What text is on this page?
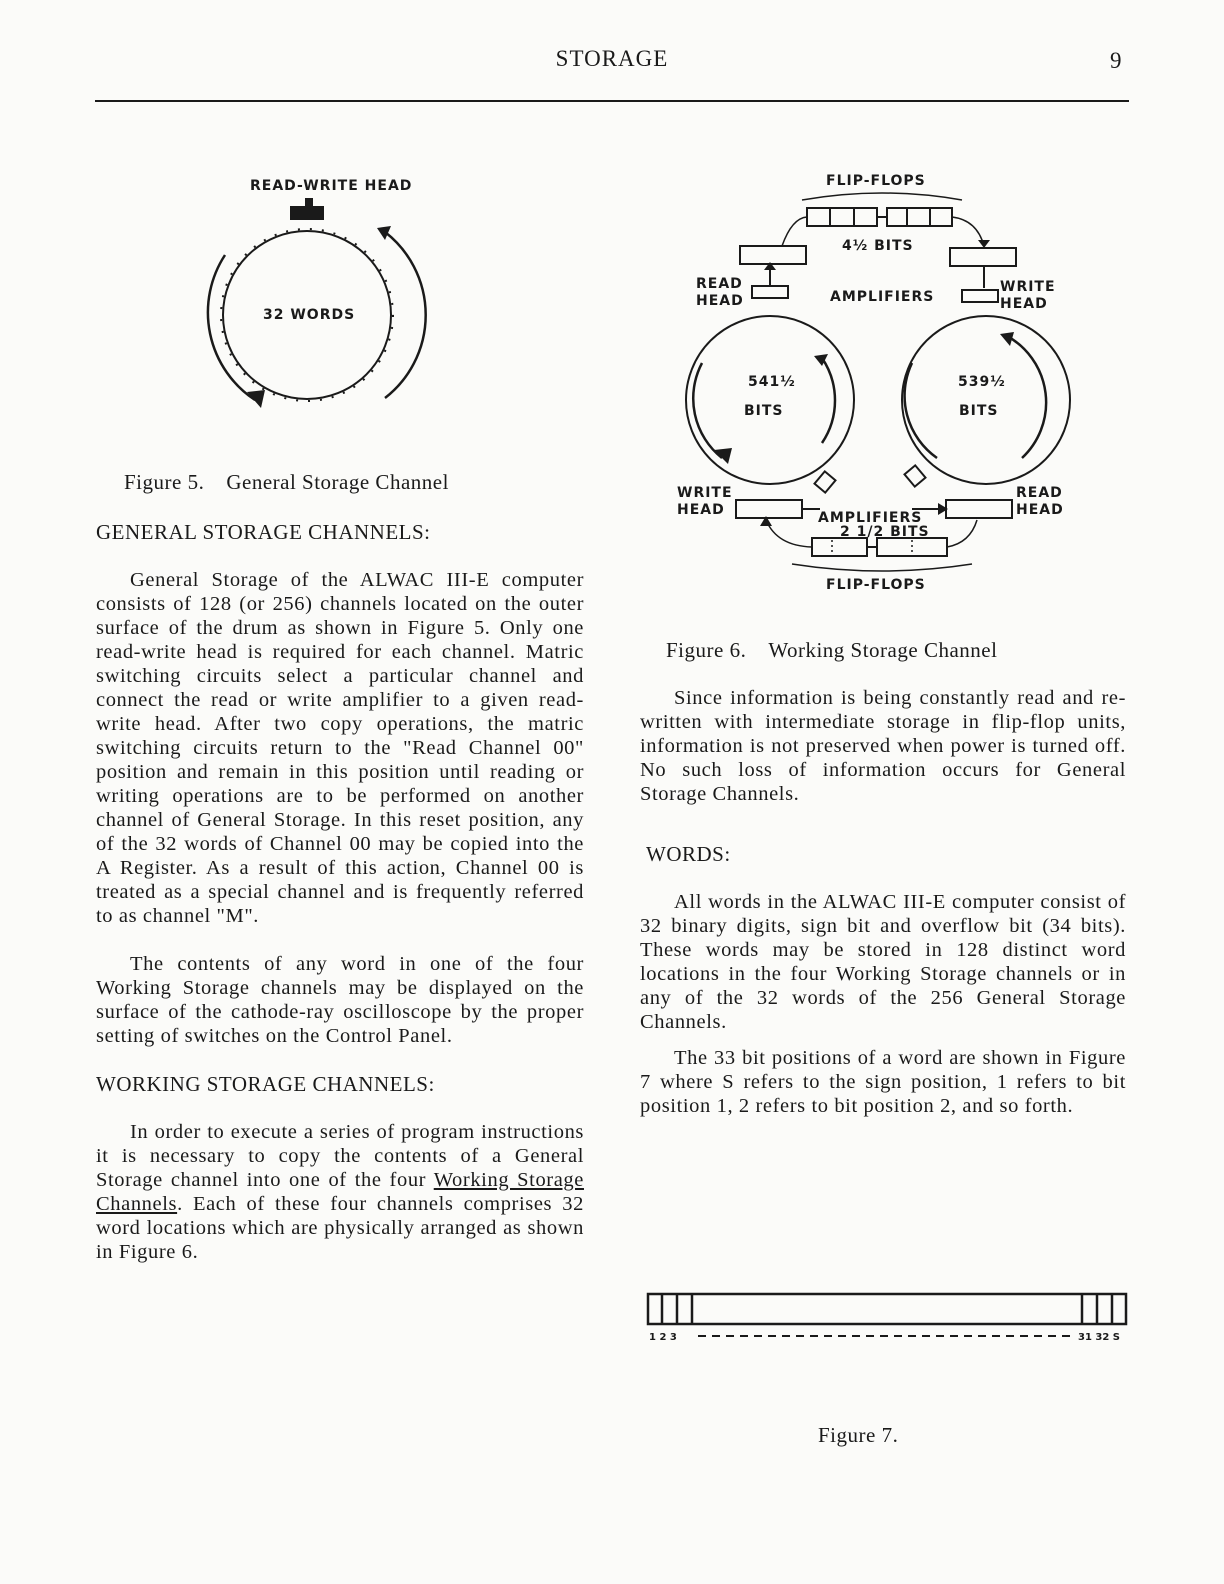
STORAGE	9
READ-WRITE HEAD
32 WORDS
Figure 5. General Storage Channel
GENERAL STORAGE CHANNELS:

General Storage of the ALWAC III-E computer consists of 128 (or 256) channels located on the outer surface of the drum as shown in Figure 5. Only one read-write head is required for each channel. Matric switching circuits select a particular channel and connect the read or write amplifier to a given read-write head. After two copy operations, the matric switching circuits return to the "Read Channel 00" position and remain in this position until reading or writing operations are to be performed on another channel of General Storage. In this reset position, any of the 32 words of Channel 00 may be copied into the A Register. As a result of this action, Channel 00 is treated as a special channel and is frequently referred to as channel "M".

The contents of any word in one of the four Working Storage channels may be displayed on the surface of the cathode-ray oscilloscope by the proper setting of switches on the Control Panel.

WORKING STORAGE CHANNELS:

In order to execute a series of program instructions it is necessary to copy the contents of a General Storage channel into one of the four Working Storage Channels. Each of these four channels comprises 32 word locations which are physically arranged as shown in Figure 6.

FLIP-FLOPS
4½ BITS
READ
HEAD	AMPLIFIERS
WRITE
HEAD
541½
BITS
539½
BITS
WRITE
HEAD
READ
HEAD
AMPLIFIERS
2 1/2 BITS
FLIP-FLOPS
Figure 6. Working Storage Channel

Since information is being constantly read and re-written with intermediate storage in flip-flop units, information is not preserved when power is turned off. No such loss of information occurs for General Storage Channels.

WORDS:

All words in the ALWAC III-E computer consist of 32 binary digits, sign bit and overflow bit (34 bits). These words may be stored in 128 distinct word locations in the four Working Storage channels or in any of the 32 words of the 256 General Storage Channels.

The 33 bit positions of a word are shown in Figure 7 where S refers to the sign position, 1 refers to bit position 1, 2 refers to bit position 2, and so forth.

1 2 3	31 32 S
Figure 7.
